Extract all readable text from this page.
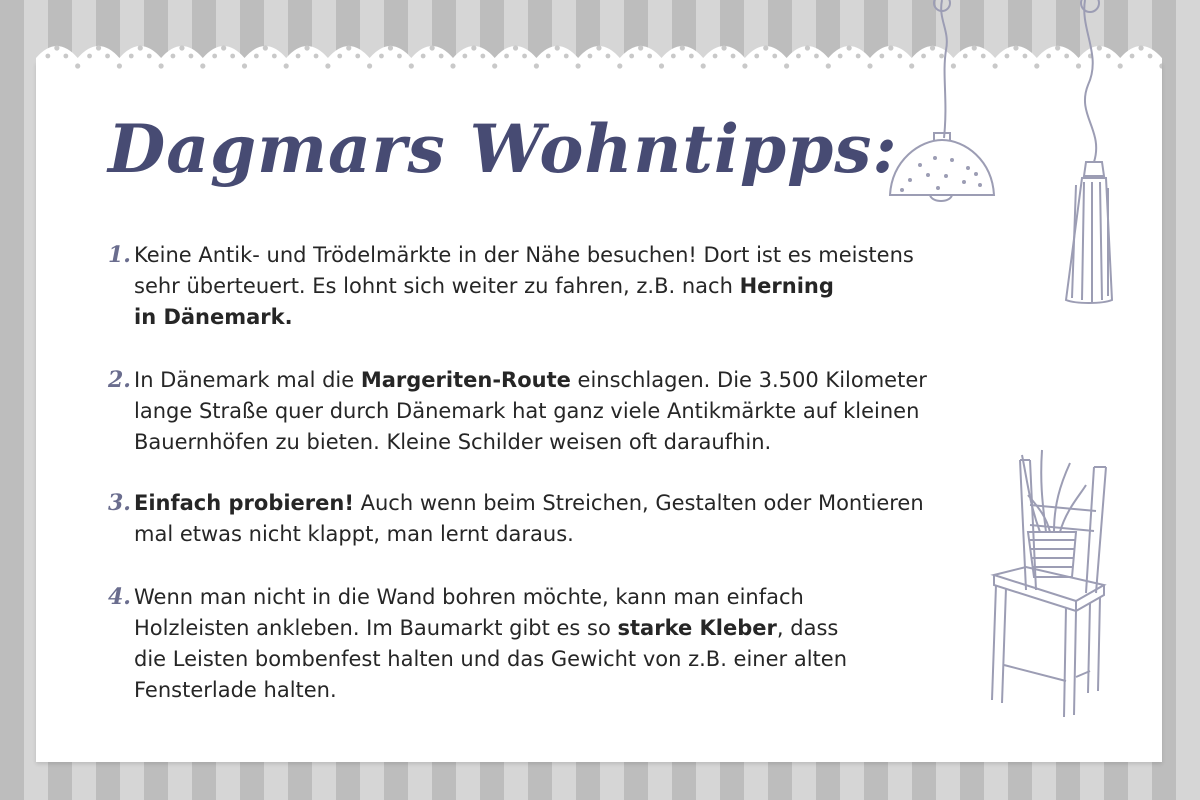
Dagmars Wohntipps:
1. Keine Antik- und Trödelmärkte in der Nähe besuchen! Dort ist es meistens
sehr überteuert. Es lohnt sich weiter zu fahren, z.B. nach Herning
in Dänemark.
2. In Dänemark mal die Margeriten-Route einschlagen. Die 3.500 Kilometer
lange Straße quer durch Dänemark hat ganz viele Antikmärkte auf kleinen
Bauernhöfen zu bieten. Kleine Schilder weisen oft daraufhin.
3. Einfach probieren! Auch wenn beim Streichen, Gestalten oder Montieren
mal etwas nicht klappt, man lernt daraus.
4. Wenn man nicht in die Wand bohren möchte, kann man einfach
Holzleisten ankleben. Im Baumarkt gibt es so starke Kleber, dass
die Leisten bombenfest halten und das Gewicht von z.B. einer alten
Fensterlade halten.
